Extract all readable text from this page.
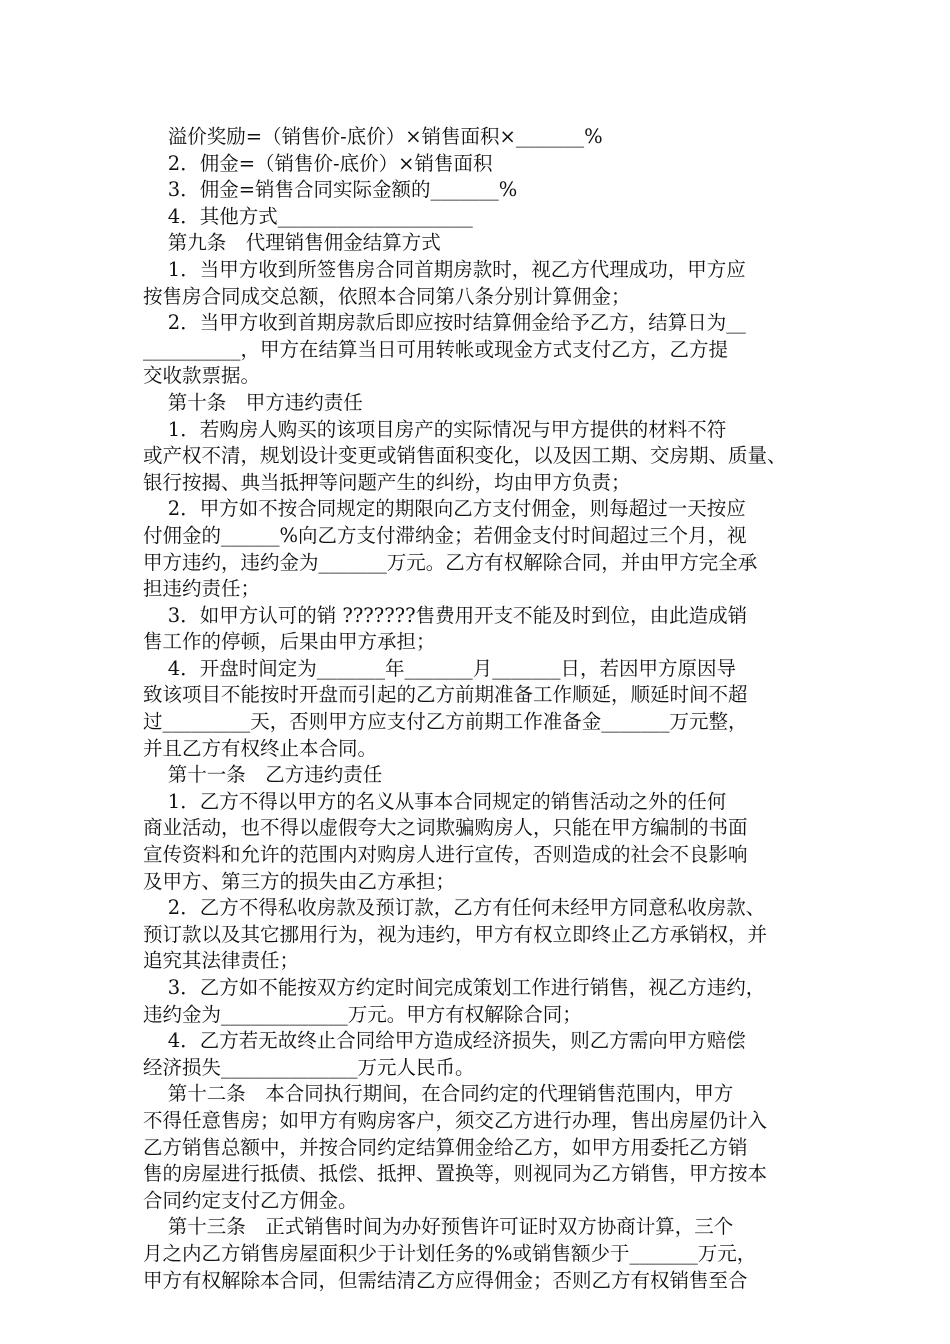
溢价奖励=（销售价-底价）×销售面积×_______%
2．佣金=（销售价-底价）×销售面积
3．佣金=销售合同实际金额的_______%
4．其他方式____________________
第九条　代理销售佣金结算方式
1．当甲方收到所签售房合同首期房款时，视乙方代理成功，甲方应
按售房合同成交总额，依照本合同第八条分别计算佣金；
2．当甲方收到首期房款后即应按时结算佣金给予乙方，结算日为__
__________，甲方在结算当日可用转帐或现金方式支付乙方，乙方提
交收款票据。
第十条　甲方违约责任
1．若购房人购买的该项目房产的实际情况与甲方提供的材料不符
或产权不清，规划设计变更或销售面积变化，以及因工期、交房期、质量、
银行按揭、典当抵押等问题产生的纠纷，均由甲方负责；
2．甲方如不按合同规定的期限向乙方支付佣金，则每超过一天按应
付佣金的______%向乙方支付滞纳金；若佣金支付时间超过三个月，视
甲方违约，违约金为_______万元。乙方有权解除合同，并由甲方完全承
担违约责任；
3．如甲方认可的销 ???????售费用开支不能及时到位，由此造成销
售工作的停顿，后果由甲方承担；
4．开盘时间定为_______年_______月_______日，若因甲方原因导
致该项目不能按时开盘而引起的乙方前期准备工作顺延，顺延时间不超
过_________天，否则甲方应支付乙方前期工作准备金_______万元整，
并且乙方有权终止本合同。
第十一条　乙方违约责任
1．乙方不得以甲方的名义从事本合同规定的销售活动之外的任何
商业活动，也不得以虚假夸大之词欺骗购房人，只能在甲方编制的书面
宣传资料和允许的范围内对购房人进行宣传，否则造成的社会不良影响
及甲方、第三方的损失由乙方承担；
2．乙方不得私收房款及预订款，乙方有任何未经甲方同意私收房款、
预订款以及其它挪用行为，视为违约，甲方有权立即终止乙方承销权，并
追究其法律责任；
3．乙方如不能按双方约定时间完成策划工作进行销售，视乙方违约，
违约金为_____________万元。甲方有权解除合同；
4．乙方若无故终止合同给甲方造成经济损失，则乙方需向甲方赔偿
经济损失______________万元人民币。
第十二条　本合同执行期间，在合同约定的代理销售范围内，甲方
不得任意售房；如甲方有购房客户，须交乙方进行办理，售出房屋仍计入
乙方销售总额中，并按合同约定结算佣金给乙方，如甲方用委托乙方销
售的房屋进行抵债、抵偿、抵押、置换等，则视同为乙方销售，甲方按本
合同约定支付乙方佣金。
第十三条　正式销售时间为办好预售许可证时双方协商计算，三个
月之内乙方销售房屋面积少于计划任务的%或销售额少于_______万元，
甲方有权解除本合同，但需结清乙方应得佣金；否则乙方有权销售至合
